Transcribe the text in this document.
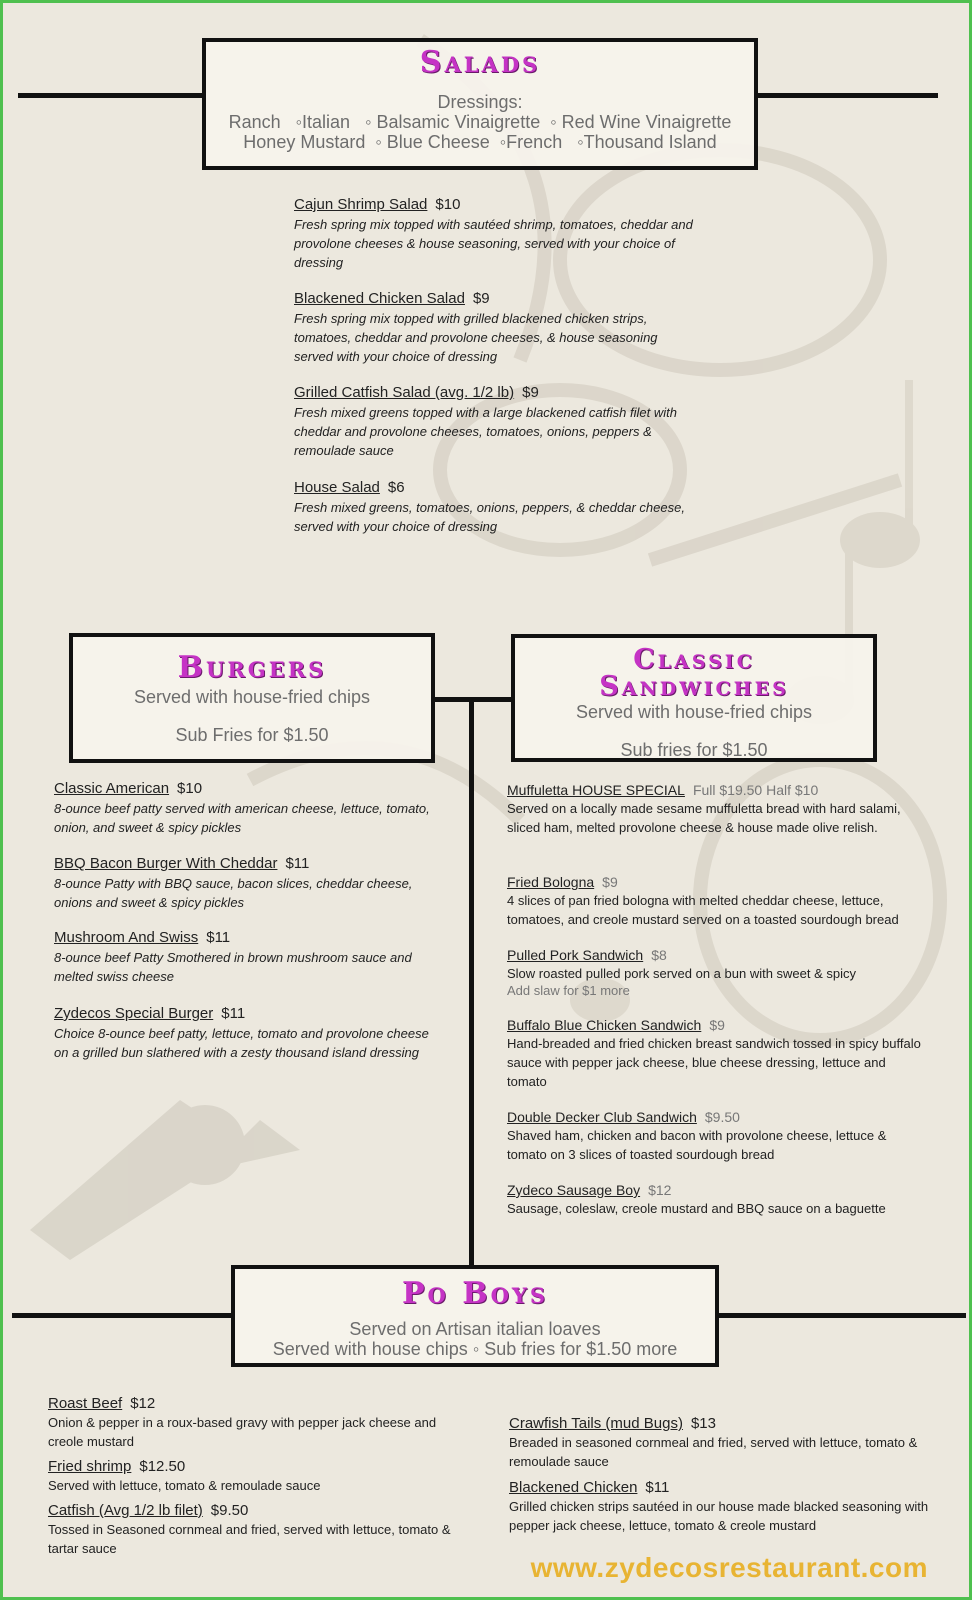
Salads
Dressings:
Ranch   ◦Italian   ◦ Balsamic Vinaigrette  ◦ Red Wine Vinaigrette
Honey Mustard  ◦ Blue Cheese  ◦French   ◦Thousand Island
Cajun Shrimp Salad $10
Fresh spring mix topped with sautéed shrimp, tomatoes, cheddar and provolone cheeses & house seasoning, served with your choice of dressing
Blackened Chicken Salad $9
Fresh spring mix topped with grilled blackened chicken strips, tomatoes, cheddar and provolone cheeses, & house seasoning served with your choice of dressing
Grilled Catfish Salad (avg. 1/2 lb) $9
Fresh mixed greens topped with a large blackened catfish filet with cheddar and provolone cheeses, tomatoes, onions, peppers & remoulade sauce
House Salad $6
Fresh mixed greens, tomatoes, onions, peppers, & cheddar cheese, served with your choice of dressing
Burgers
Served with house-fried chips
Sub Fries for $1.50
Classic American $10
8-ounce beef patty served with american cheese, lettuce, tomato, onion, and sweet & spicy pickles
BBQ Bacon Burger With Cheddar $11
8-ounce Patty with BBQ sauce, bacon slices, cheddar cheese, onions and sweet & spicy pickles
Mushroom And Swiss $11
8-ounce beef Patty Smothered in brown mushroom sauce and melted swiss cheese
Zydecos Special Burger $11
Choice 8-ounce beef patty, lettuce, tomato and provolone cheese on a grilled bun slathered with a zesty thousand island dressing
Classic
Sandwiches
Served with house-fried chips
Sub fries for $1.50
Muffuletta HOUSE SPECIAL Full $19.50 Half $10
Served on a locally made sesame muffuletta bread with hard salami, sliced ham, melted provolone cheese & house made olive relish.
Fried Bologna $9
4 slices of pan fried bologna with melted cheddar cheese, lettuce, tomatoes, and creole mustard served on a toasted sourdough bread
Pulled Pork Sandwich $8
Slow roasted pulled pork served on a bun with sweet & spicy
Add slaw for $1 more
Buffalo Blue Chicken Sandwich $9
Hand-breaded and fried chicken breast sandwich tossed in spicy buffalo sauce with pepper jack cheese, blue cheese dressing, lettuce and tomato
Double Decker Club Sandwich $9.50
Shaved ham, chicken and bacon with provolone cheese, lettuce & tomato on 3 slices of toasted sourdough bread
Zydeco Sausage Boy $12
Sausage, coleslaw, creole mustard and BBQ sauce on a baguette
Po Boys
Served on Artisan italian loaves
Served with house chips ◦ Sub fries for $1.50 more
Roast Beef $12
Onion & pepper in a roux-based gravy with pepper jack cheese and creole mustard
Fried shrimp $12.50
Served with lettuce, tomato & remoulade sauce
Catfish (Avg 1/2 lb filet) $9.50
Tossed in Seasoned cornmeal and fried, served with lettuce, tomato & tartar sauce
Crawfish Tails (mud Bugs) $13
Breaded in seasoned cornmeal and fried, served with lettuce, tomato & remoulade sauce
Blackened Chicken $11
Grilled chicken strips sautéed in our house made blacked seasoning with pepper jack cheese, lettuce, tomato & creole mustard
www.zydecosrestaurant.com
